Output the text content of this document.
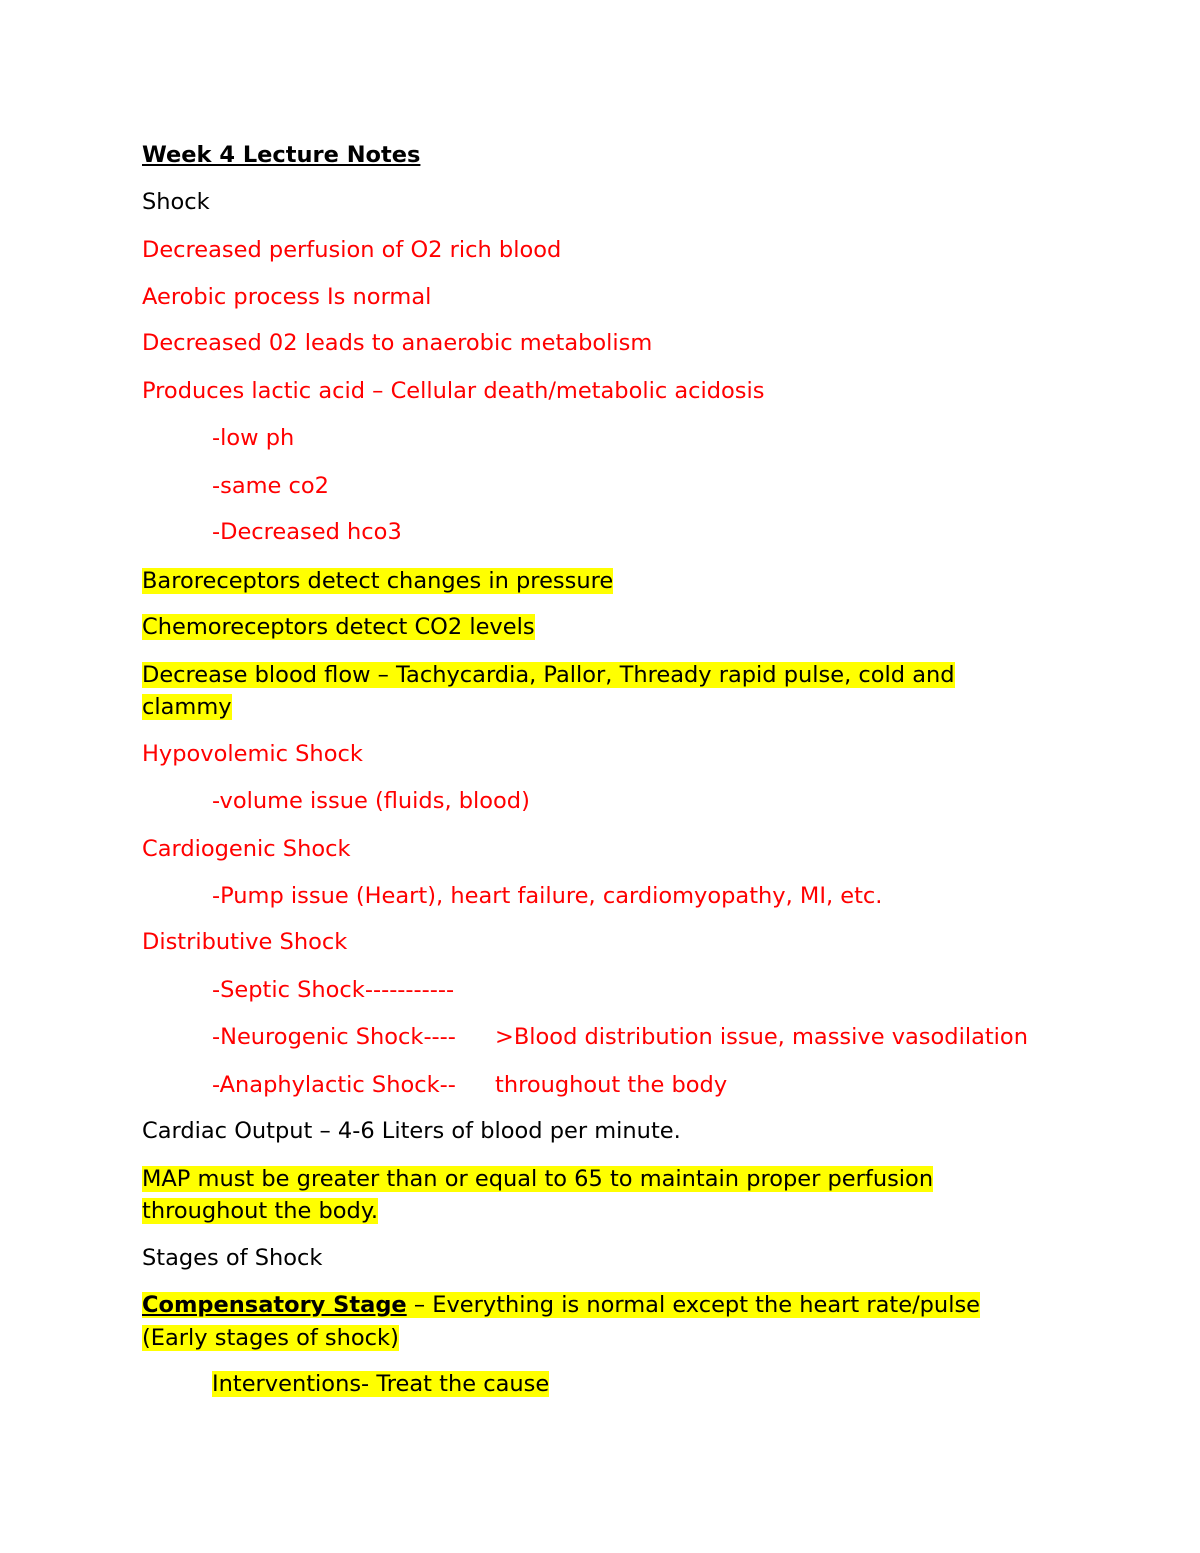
Week 4 Lecture Notes
Shock
Decreased perfusion of O2 rich blood
Aerobic process Is normal
Decreased 02 leads to anaerobic metabolism
Produces lactic acid – Cellular death/metabolic acidosis
-low ph
-same co2
-Decreased hco3
Baroreceptors detect changes in pressure
Chemoreceptors detect CO2 levels
Decrease blood flow – Tachycardia, Pallor, Thready rapid pulse, cold and
clammy
Hypovolemic Shock
-volume issue (fluids, blood)
Cardiogenic Shock
-Pump issue (Heart), heart failure, cardiomyopathy, MI, etc.
Distributive Shock
-Septic Shock-----------
-Neurogenic Shock---- >Blood distribution issue, massive vasodilation
-Anaphylactic Shock-- throughout the body
Cardiac Output – 4-6 Liters of blood per minute.
MAP must be greater than or equal to 65 to maintain proper perfusion
throughout the body.
Stages of Shock
Compensatory Stage – Everything is normal except the heart rate/pulse
(Early stages of shock)
Interventions- Treat the cause
